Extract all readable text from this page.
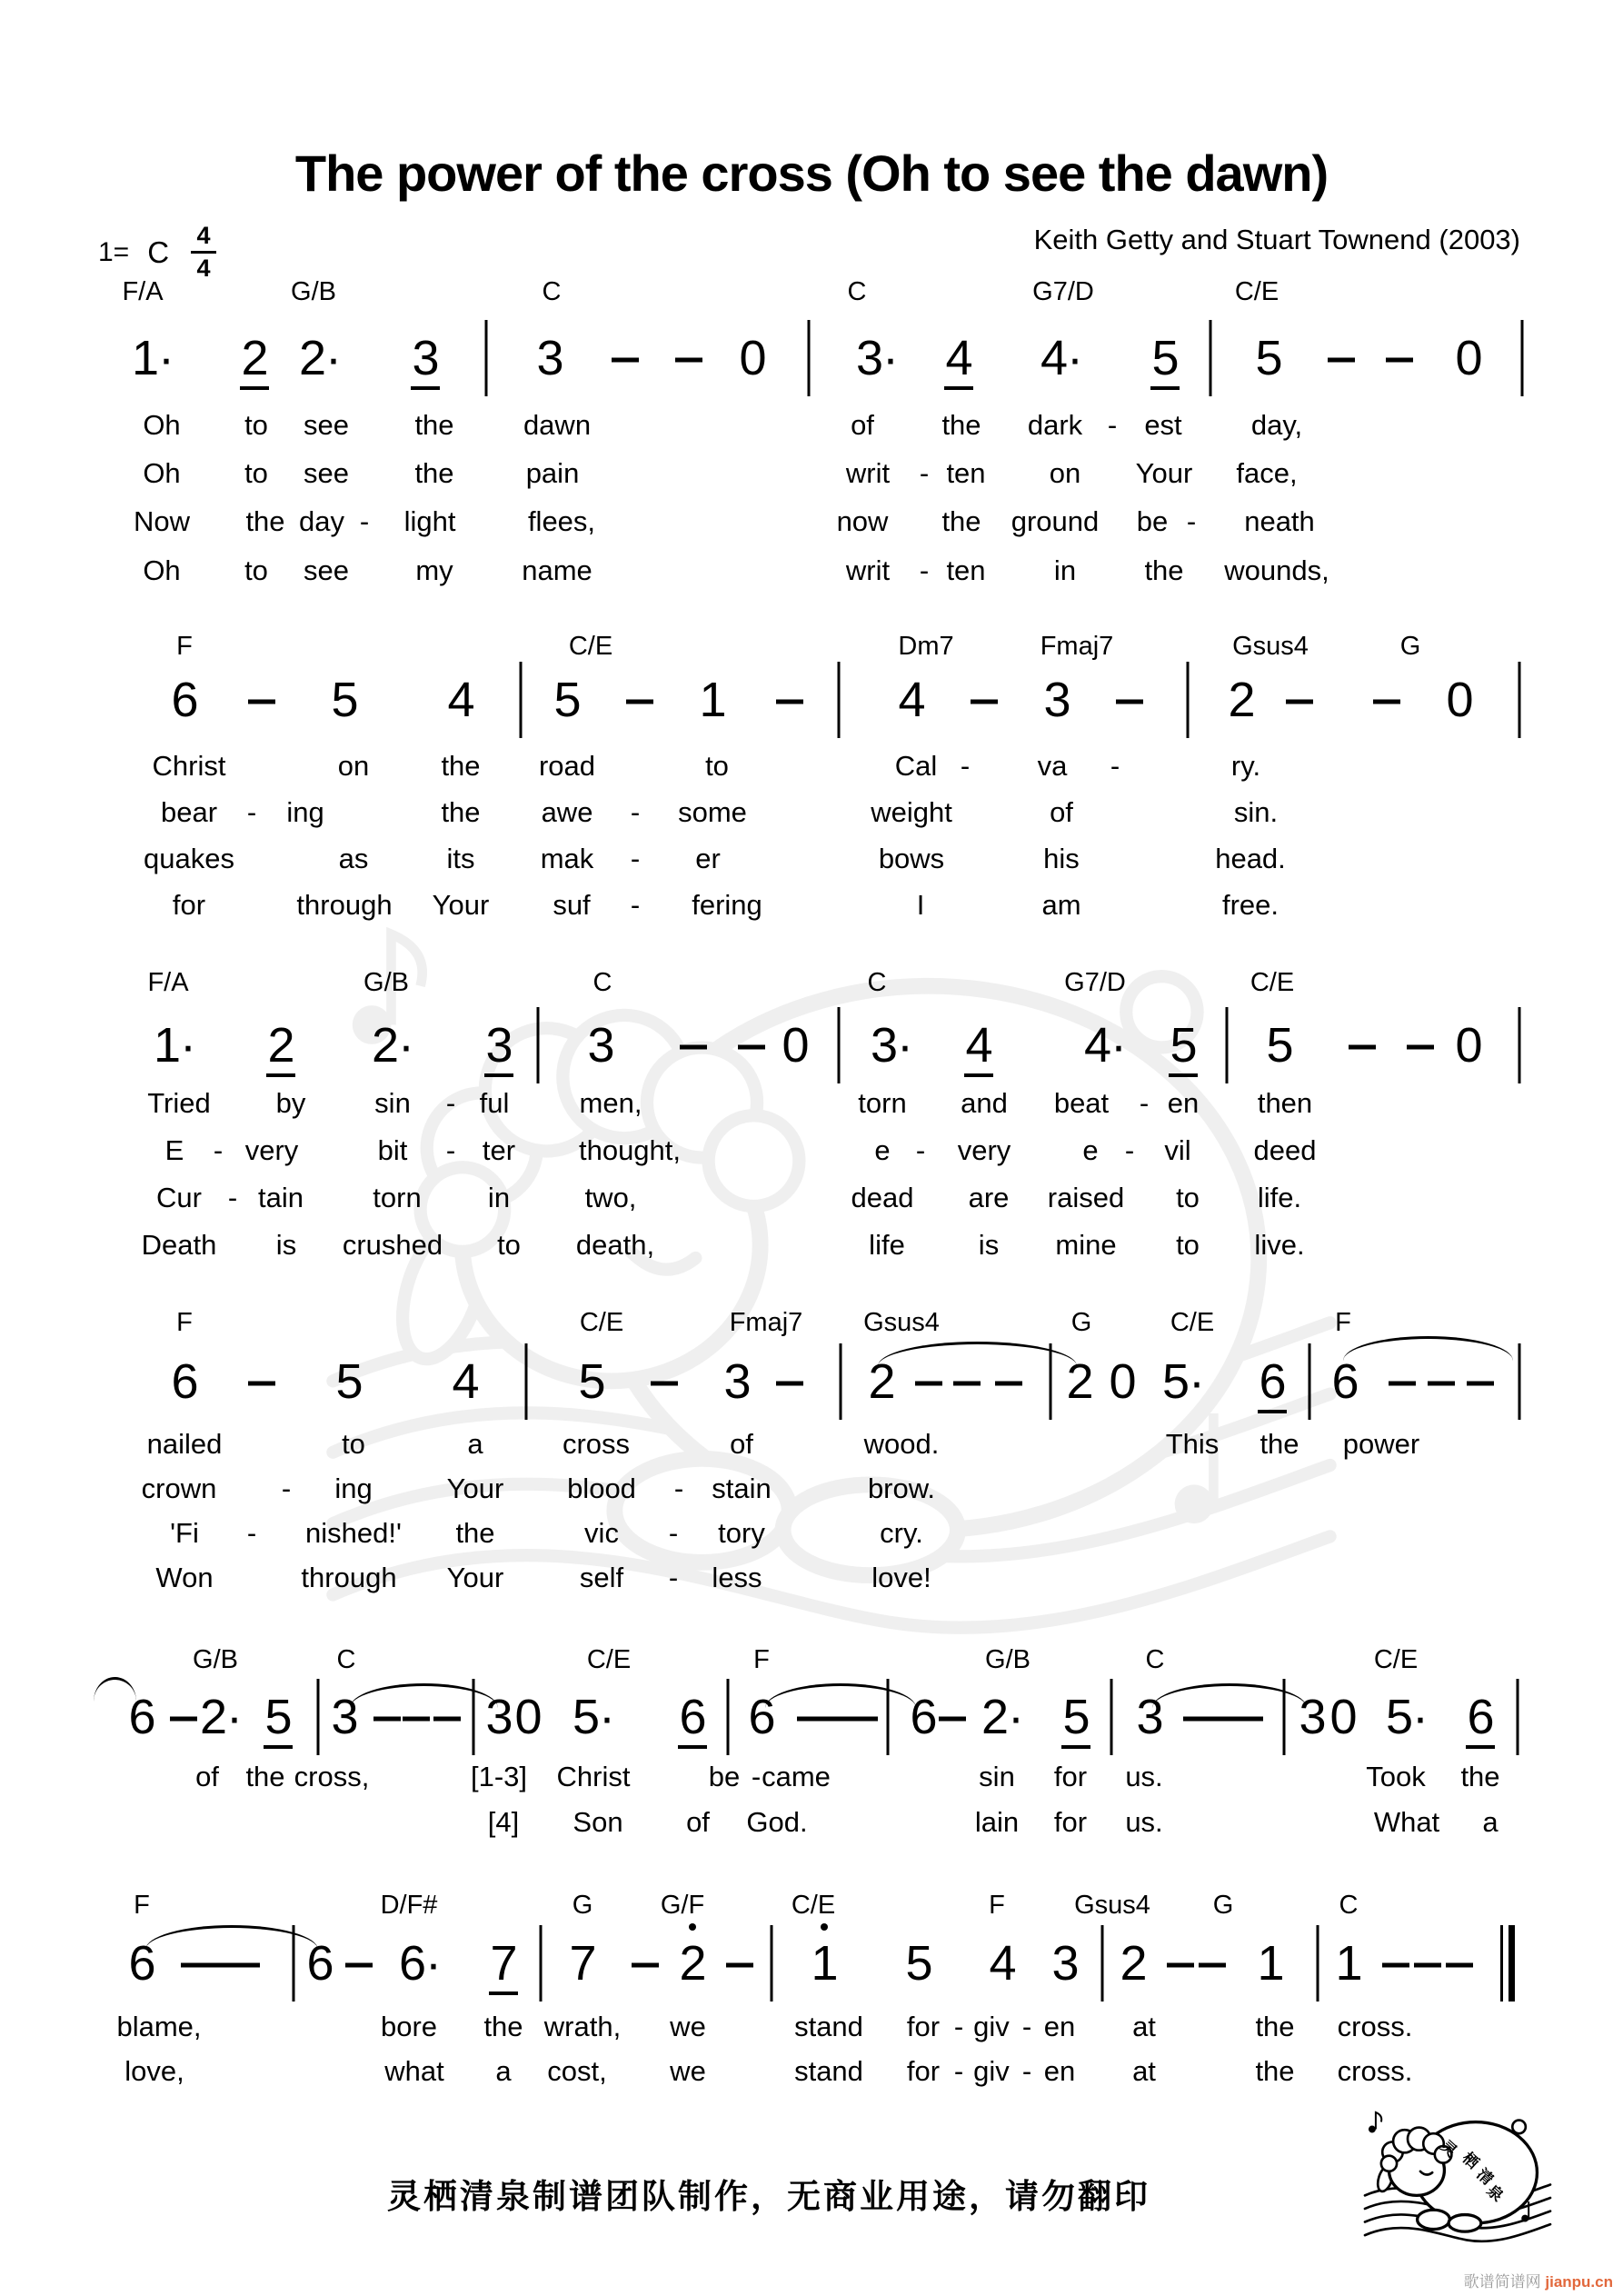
The power of the cross (Oh to see the dawn)
1= C 4
4
Keith Getty and Stuart Townend (2003)
F/A	G/B	C	C	G7/D	C/E
1· 2 2· 3 3	0 3· 4 4· 5 5	0
Oh to see the dawn	of the dark - est day,
Oh to see the	pain	writ - ten on Your face,
Now the day - light	flees,	now the ground be - neath
Oh to see my name	writ - ten in the wounds,
F	C/E	Dm7	Fmaj7	Gsus4	G
6	5 4 5 1	4 3	2	0
Christ	on	the road	to	Cal - va -	ry.
bear - ing	the awe - some	weight	of	sin.
quakes	as	its mak - er	bows	his	head.
for	through Your suf - fering	I	am	free.
F/A	G/B	C	C	G7/D	C/E
1· 2 2· 3 3	0 3· 4 4· 5 5	0
Tried by sin - ful men,	torn and beat - en then
E - very	bit - ter thought,	e - very	e - vil deed
Cur - tain torn in	two,	dead are raised to life.
Death is crushed to death,	life	is mine to live.
F	C/E	Fmaj7 Gsus4	G	C/E	F
6	5 4 5 3 2	2 0 5· 6 6
nailed	to	a	cross	of	wood.	This the power
crown - ing	Your blood - stain	brow.
'Fi - nished!' the	vic - tory	cry.
Won	through Your	self - less	love!
G/B	C	C/E	F	G/B	C	C/E
6 2· 5 3	3 0 5· 6 6	6 2· 5 3	3 0 5· 6
of the cross,	[1-3] Christ	be - came	sin for us.	Took the
[4] Son of God.	lain for us.	What a
F	D/F#	G	G/F	C/E	F	Gsus4 G	C
6	6 6· 7 7 2 1 5 4 3 2 1 1
blame,	bore the wrath, we	stand for - giv - en at	the cross.
love,	what a cost, we	stand for - giv - en at	the cross.
灵栖清泉制谱团队制作，无商业用途，请勿翻印
歌谱简谱网 jianpu.cn
灵
栖
清
泉
